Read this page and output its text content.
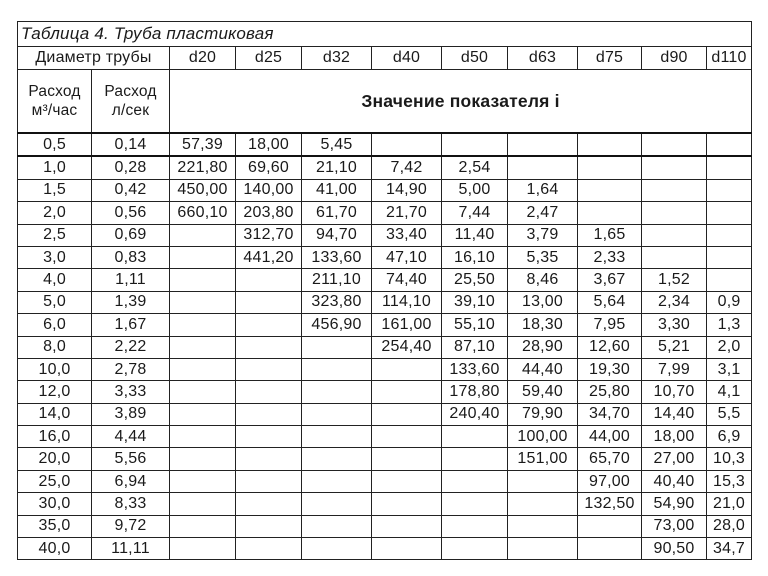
Таблица 4. Труба пластиковая										
Диаметр трубы		d20	d25	d32	d40	d50	d63	d75	d90	d110

Расход м³/час	Расход л/сек	Значение показателя i								
0,5	0,14	57,39	18,00	5,45						
1,0	0,28	221,80	69,60	21,10	7,42	2,54				
1,5	0,42	450,00	140,00	41,00	14,90	5,00	1,64			
2,0	0,56	660,10	203,80	61,70	21,70	7,44	2,47			
2,5	0,69		312,70	94,70	33,40	11,40	3,79	1,65		
3,0	0,83		441,20	133,60	47,10	16,10	5,35	2,33		
4,0	1,11			211,10	74,40	25,50	8,46	3,67	1,52	
5,0	1,39			323,80	114,10	39,10	13,00	5,64	2,34	0,9
6,0	1,67			456,90	161,00	55,10	18,30	7,95	3,30	1,3
8,0	2,22				254,40	87,10	28,90	12,60	5,21	2,0
10,0	2,78					133,60	44,40	19,30	7,99	3,1
12,0	3,33					178,80	59,40	25,80	10,70	4,1
14,0	3,89					240,40	79,90	34,70	14,40	5,5
16,0	4,44						100,00	44,00	18,00	6,9
20,0	5,56						151,00	65,70	27,00	10,3
25,0	6,94							97,00	40,40	15,3
30,0	8,33							132,50	54,90	21,0
35,0	9,72								73,00	28,0
40,0	11,11								90,50	34,7
